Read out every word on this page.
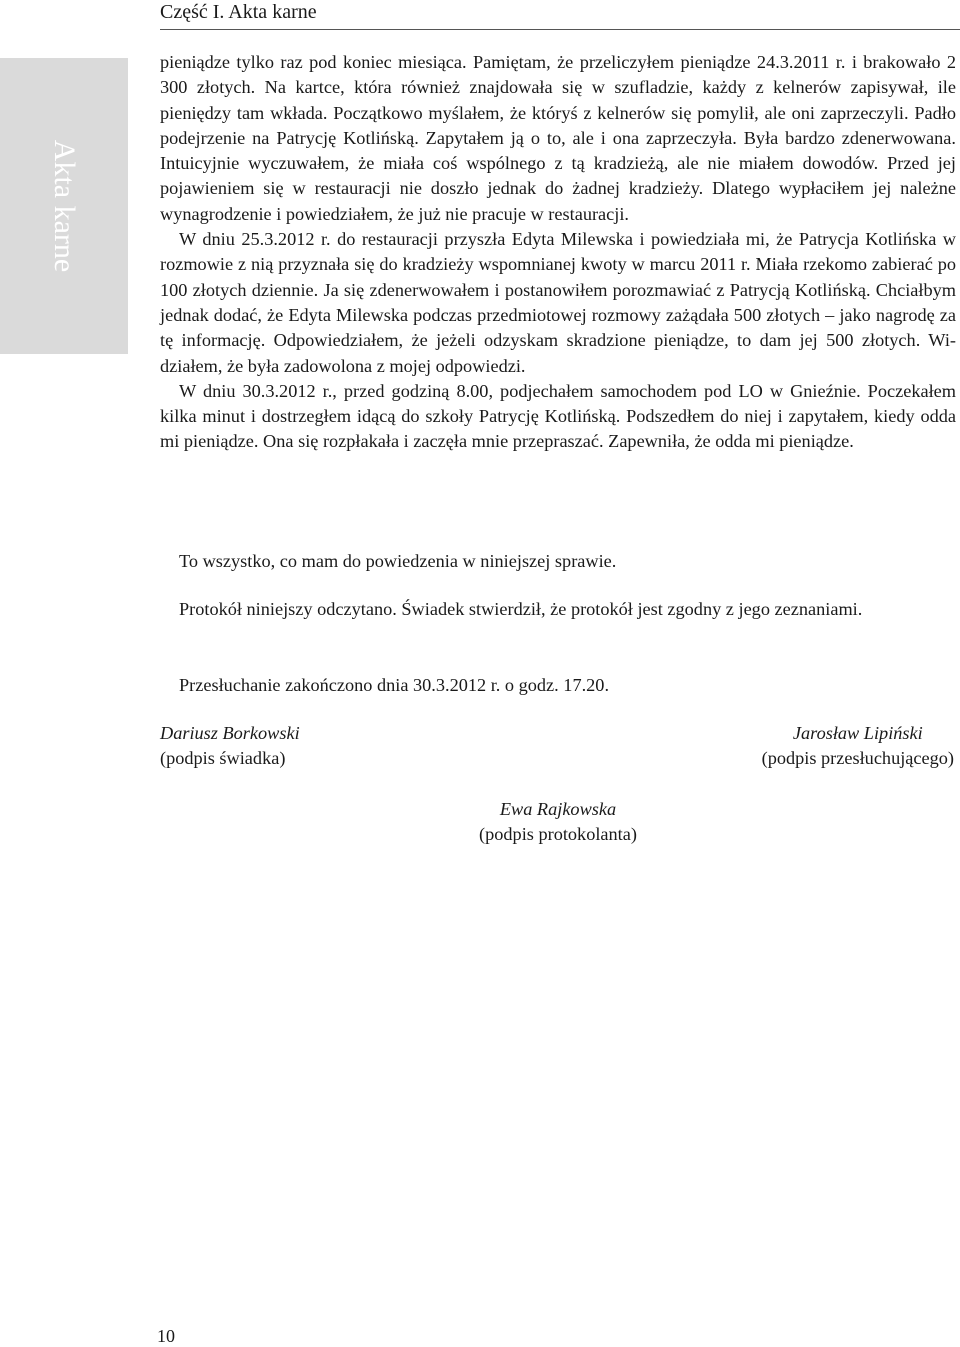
Część I. Akta karne
Akta karne

pieniądze tylko raz pod koniec miesiąca. Pamiętam, że przeliczyłem pieniądze 24.3.2011 r. i brakowało 2 300 złotych. Na kartce, która również znajdowała się w szufladzie, każdy z kelnerów zapisywał, ile pieniędzy tam wkłada. Początkowo myślałem, że któryś z kelnerów się pomylił, ale oni zaprzeczyli. Padło podejrzenie na Patrycję Kotlińską. Zapytałem ją o to, ale i ona zaprzeczyła. Była bardzo zdenerwowana. Intuicyjnie wyczuwałem, że miała coś wspólnego z tą kradzieżą, ale nie miałem dowodów. Przed jej pojawieniem się w restauracji nie doszło jednak do żadnej kradzieży. Dlatego wypłaciłem jej należne wynagrodzenie i powiedziałem, że już nie pracuje w restauracji.

W dniu 25.3.2012 r. do restauracji przyszła Edyta Milewska i powiedziała mi, że Patrycja Kotlińska w rozmowie z nią przyznała się do kradzieży wspomnianej kwoty w marcu 2011 r. Miała rzekomo zabierać po 100 złotych dziennie. Ja się zdenerwowałem i postanowiłem porozmawiać z Patrycją Kotlińską. Chciałbym jednak dodać, że Edyta Milewska podczas przedmiotowej rozmowy zażądała 500 złotych – jako nagrodę za tę informację. Odpowiedziałem, że jeżeli odzyskam skradzione pieniądze, to dam jej 500 złotych. Widziałem, że była zadowolona z mojej odpowiedzi.

W dniu 30.3.2012 r., przed godziną 8.00, podjechałem samochodem pod LO w Gnieźnie. Poczekałem kilka minut i dostrzegłem idącą do szkoły Patrycję Kotlińską. Podszedłem do niej i zapytałem, kiedy odda mi pieniądze. Ona się rozpłakała i zaczęła mnie przepraszać. Zapewniła, że odda mi pieniądze.

To wszystko, co mam do powiedzenia w niniejszej sprawie.

Protokół niniejszy odczytano. Świadek stwierdził, że protokół jest zgodny z jego zeznaniami.

Przesłuchanie zakończono dnia 30.3.2012 r. o godz. 17.20.

Dariusz Borkowski
(podpis świadka)
Jarosław Lipiński
(podpis przesłuchującego)
Ewa Rajkowska
(podpis protokolanta)
10
